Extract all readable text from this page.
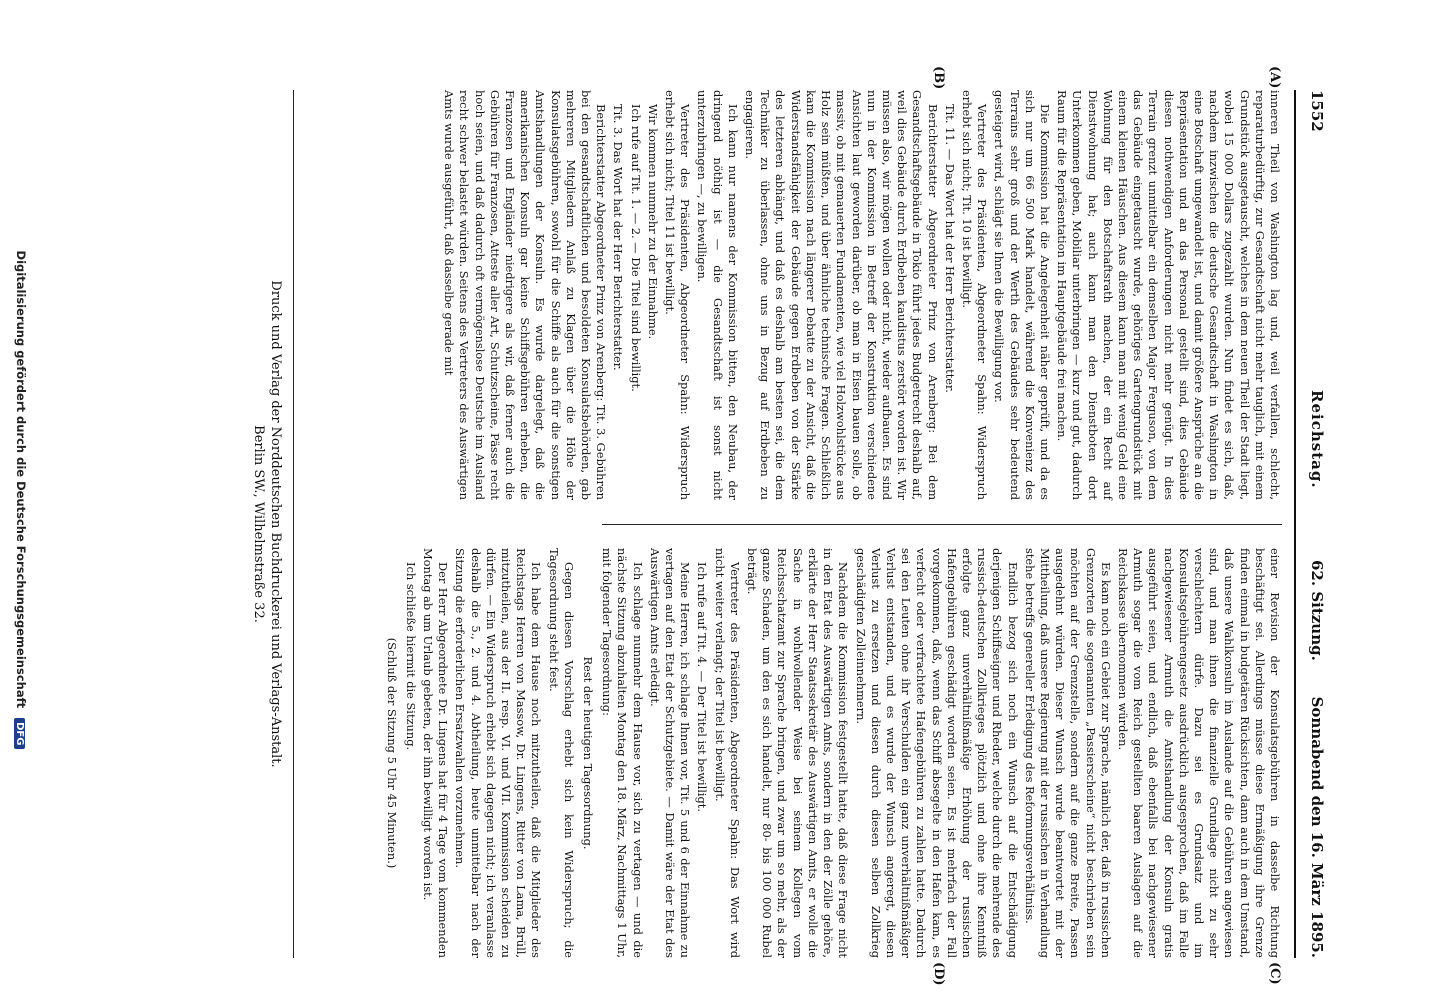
1552
Reichstag.
62. Sitzung.
Sonnabend den 16. März 1895.
(A)
(B)
(C)
(D)

inneren Theil von Washington lag und, weil verfallen, schlecht, reparaturbedürftig, zur Gesandtschaft nicht mehr tauglich, mit einem Grundstück ausgetauscht, welches in dem neuen Theil der Stadt liegt, wobei 15 000 Dollars zugezahlt wurden. Nun findet es sich, daß, nachdem inzwischen die deutsche Gesandtschaft in Washington in eine Botschaft umgewandelt ist, und damit größere Ansprüche an die Repräsentation und an das Personal gestellt sind, dies Gebäude diesen nothwendigen Anforderungen nicht mehr genügt. In dies Terrain grenzt unmittelbar ein demselben Major Ferguson, von dem das Gebäude eingetauscht wurde, gehöriges Gartengrundstück mit einem kleinen Häuschen. Aus diesem kann man mit wenig Geld eine Wohnung für den Botschaftsrath machen, der ein Recht auf Dienstwohnung hat; auch kann man den Dienstboten dort Unterkommen geben, Mobiliar unterbringen — kurz und gut, dadurch Raum für die Repräsentation im Hauptgebäude frei machen.

Die Kommission hat die Angelegenheit näher geprüft, und da es sich nur um 66 500 Mark handelt, während die Konvenienz des Terrains sehr groß und der Werth des Gebäudes sehr bedeutend gesteigert wird, schlägt sie Ihnen die Bewilligung vor.

Vertreter des Präsidenten, Abgeordneter Spahn: Widerspruch erhebt sich nicht; Tit. 10 ist bewilligt.

Tit. 11. — Das Wort hat der Herr Berichterstatter.

Berichterstatter Abgeordneter Prinz von Arenberg: Bei dem Gesandtschaftsgebäude in Tokio führt jedes Budgetrecht deshalb auf, weil dies Gebäude durch Erdbeben kaudistus zerstört worden ist. Wir müssen also, wir mögen wollen oder nicht, wieder aufbauen. Es sind nun in der Kommission in Betreff der Konstruktion verschiedene Ansichten laut geworden darüber, ob man in Eisen bauen solle, ob massiv, ob mit gemauerten Fundamenten, wie viel Holzwohlstücke aus Holz sein müßten, und über ähnliche technische Fragen. Schließlich kam die Kommission nach längerer Debatte zu der Ansicht, daß die Widerstandsfähigkeit der Gebäude gegen Erdbeben von der Stärke des letzteren abhängt, und daß es deshalb am besten sei, die dem Techniker zu überlassen, ohne uns in Bezug auf Erdbeben zu engagieren.

Ich kann nur namens der Kommission bitten, den Neubau, der dringend nöthig ist — die Gesandtschaft ist sonst nicht unterzubringen —, zu bewilligen.

Vertreter des Präsidenten, Abgeordneter Spahn: Widerspruch erhebt sich nicht; Titel 11 ist bewilligt.

Wir kommen nunmehr zu der Einnahme.

Ich rufe auf Tit. 1. — 2. — Die Titel sind bewilligt.

Tit. 3. Das Wort hat der Herr Berichterstatter.

Berichterstatter Abgeordneter Prinz von Arenberg: Tit. 3. Gebühren bei den gesandtschaftlichen und besoldeten Konsulatsbehörden, gab mehreren Mitgliedern Anlaß zu Klagen über die Höhe der Konsulatsgebühren, sowohl für die Schiffe als auch für die sonstigen Amtshandlungen der Konsuln. Es wurde dargelegt, daß die amerikanischen Konsuln gar keine Schiffsgebühren erheben, die Franzosen und Engländer niedrigere als wir, daß ferner auch die Gebühren für Franzosen, Atteste aller Art, Schutzscheine, Pässe recht hoch seien, und daß dadurch oft vermögenslose Deutsche im Ausland recht schwer belastet würden. Seitens des Vertreters des Auswärtigen Amts wurde ausgeführt, daß dasselbe gerade mit

einer Revision der Konsulatsgebühren in dasselbe Richtung beschäftigt sei. Allerdings müsse diese Ermäßigung ihre Grenze finden einmal in budgetären Rücksichten, dann auch in dem Umstand, daß unsere Wahlkonsuln im Auslande auf die Gebühren angewiesen sind, und man ihnen die finanzielle Grundlage nicht zu sehr verschlechtern dürfe. Dazu sei es Grundsatz und im Konsulatsgebührengesetz ausdrücklich ausgesprochen, daß im Falle nachgewiesener Armuth die Amtshandlung der Konsuln gratis ausgeführt seien, und endlich, daß ebenfalls bei nachgewiesener Armuth sogar die vom Reich gestellten baaren Auslagen auf die Reichskasse übernommen würden.

Es kam noch ein Gebiet zur Sprache, nämlich der, daß in russischen Grenzorten die sogenannten „Passierscheine“ nicht beschrieben sein möchten auf der Grenzstelle, sondern auf die ganze Breite, Passen ausgedehnt würden. Dieser Wunsch wurde beantwortet mit der Mittheilung, daß unsere Regierung mit der russischen in Verhandlung stehe betreffs genereller Erledigung des Reformungsverhältniss.

Endlich bezog sich noch ein Wunsch auf die Entschädigung derjenigen Schiffseigner und Rheder, welche durch die mehrende des russisch-deutschen Zollkrieges plötzlich und ohne ihre Kenntniß erfolgte ganz unverhältnißmäßige Erhöhung der russischen Hafengebühren geschädigt worden seien. Es ist mehrfach der Fall vorgekommen, daß, wenn das Schiff absegelte in den Hafen kam, es verfecht oder verfrachtete Hafengebühren zu zahlen hatte. Dadurch sei den Leuten ohne ihr Verschulden ein ganz unverhältnißmäßiger Verlust entstanden, und es wurde der Wunsch angeregt, diesen Verlust zu ersetzen und diesen durch diesen selben Zollkrieg geschädigten Zolleinnehmern.

Nachdem die Kommission festgestellt hatte, daß diese Frage nicht in den Etat des Auswärtigen Amts, sondern in den der Zölle gehöre, erklärte der Herr Staatssekretär des Auswärtigen Amts, er wolle die Sache in wohlwollender Weise bei seinem Kollegen vom Reichsschatzamt zur Sprache bringen, und zwar um so mehr, als der ganze Schaden, um den es sich handelt, nur 80- bis 100 000 Rubel beträgt.

Vertreter des Präsidenten, Abgeordneter Spahn: Das Wort wird nicht weiter verlangt; der Titel ist bewilligt.

Ich rufe auf Tit. 4. — Der Titel ist bewilligt.

Meine Herren, ich schlage Ihnen vor, Tit. 5 und 6 der Einnahme zu vertagen auf den Etat der Schutzgebiete. — Damit wäre der Etat des Auswärtigen Amts erledigt.

Ich schlage nunmehr dem Hause vor, sich zu vertagen — und die nächste Sitzung abzuhalten Montag den 18. März, Nachmittags 1 Uhr, mit folgender Tagesordnung:

Rest der heutigen Tagesordnung.

Gegen diesen Vorschlag erhebt sich kein Widerspruch; die Tagesordnung steht fest.

Ich habe dem Hause noch mitzutheilen, daß die Mitglieder des Reichstags Herren von Massow, Dr. Lingens, Ritter von Lama, Brüll, mitzutheilen, aus der II. resp. VI. und VII. Kommission scheiden zu dürfen. — Ein Widerspruch erhebt sich dagegen nicht; ich veranlasse deshalb die 5., 2. und 4. Abtheilung, heute unmittelbar nach der Sitzung die erforderlichen Ersatzwahlen vorzunehmen.

Der Herr Abgeordnete Dr. Lingens hat für 4 Tage vom kommenden Montag ab um Urlaub gebeten, der ihm bewilligt worden ist.

Ich schließe hiermit die Sitzung.

(Schluß der Sitzung 5 Uhr 45 Minuten.)

Druck und Verlag der Norddeutschen Buchdruckerei und Verlags-Anstalt.
Berlin SW., Wilhelmstraße 32.
Digitalisierung gefördert durch die Deutsche Forschungsgemeinschaft DFG
